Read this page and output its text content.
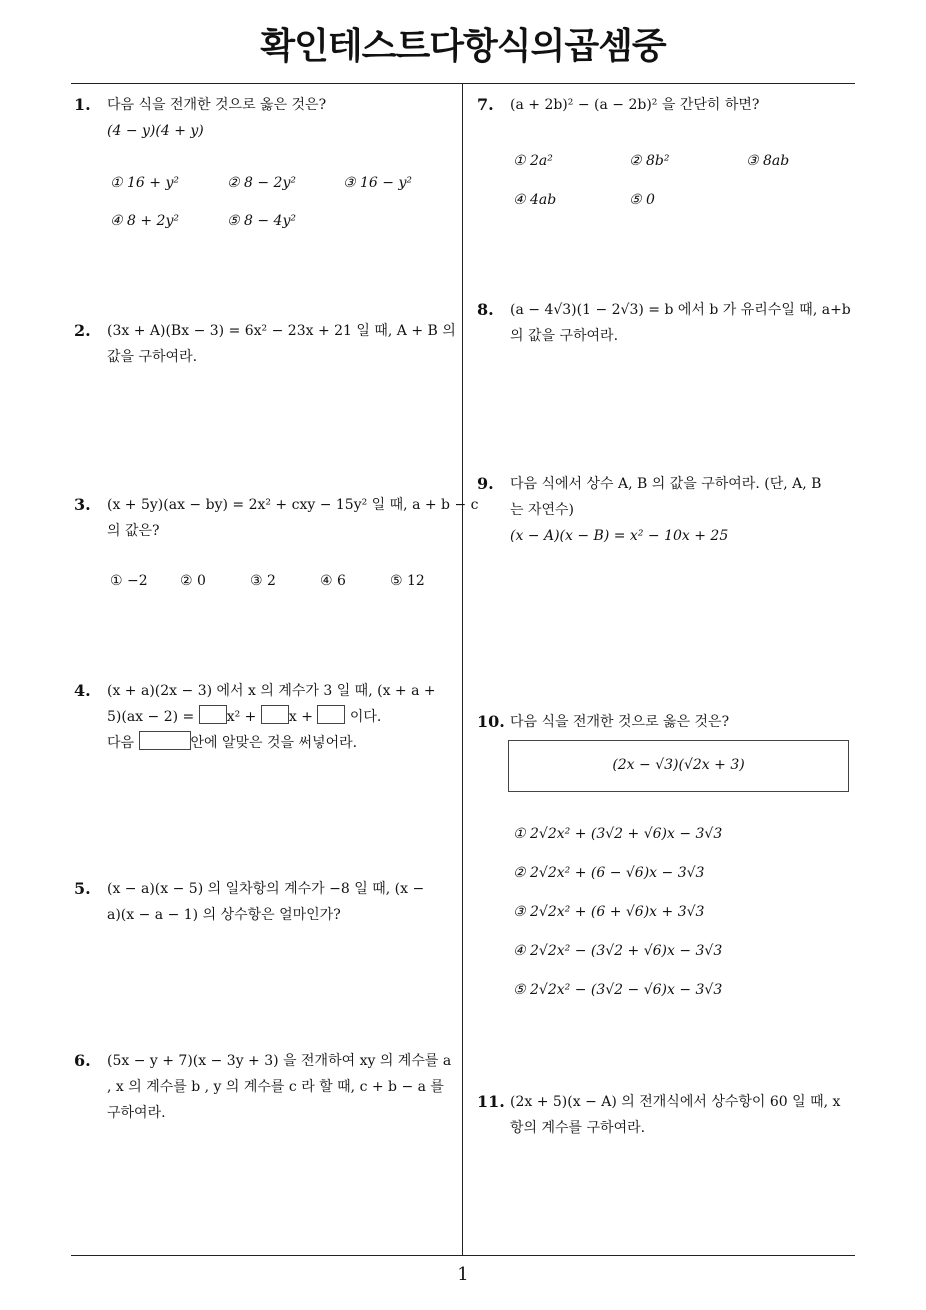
확인테스트다항식의곱셈중
1
1. 다음 식을 전개한 것으로 옳은 것은?
(4 − y)(4 + y)
① 16 + y²	② 8 − 2y²	③ 16 − y²
④ 8 + 2y²	⑤ 8 − 4y²
2. (3x + A)(Bx − 3) = 6x² − 23x + 21 일 때, A + B 의
값을 구하여라.
3. (x + 5y)(ax − by) = 2x² + cxy − 15y² 일 때, a + b − c
의 값은?
① −2 ② 0	③ 2	④ 6	⑤ 12
4. (x + a)(2x − 3) 에서 x 의 계수가 3 일 때, (x + a +
5)(ax − 2) = x² + x +	이다.
다음	안에 알맞은 것을 써넣어라.
5. (x − a)(x − 5) 의 일차항의 계수가 −8 일 때, (x −
a)(x − a − 1) 의 상수항은 얼마인가?
6. (5x − y + 7)(x − 3y + 3) 을 전개하여 xy 의 계수를 a
, x 의 계수를 b , y 의 계수를 c 라 할 때, c + b − a 를
구하여라.
7. (a + 2b)² − (a − 2b)² 을 간단히 하면?
① 2a²	② 8b²	③ 8ab
④ 4ab	⑤ 0
8. (a − 4√3)(1 − 2√3) = b 에서 b 가 유리수일 때, a+b
의 값을 구하여라.
9. 다음 식에서 상수 A, B 의 값을 구하여라. (단, A, B
는 자연수)
(x − A)(x − B) = x² − 10x + 25
10. 다음 식을 전개한 것으로 옳은 것은?
(2x − √3)(√2x + 3)
① 2√2x² + (3√2 + √6)x − 3√3
② 2√2x² + (6 − √6)x − 3√3
③ 2√2x² + (6 + √6)x + 3√3
④ 2√2x² − (3√2 + √6)x − 3√3
⑤ 2√2x² − (3√2 − √6)x − 3√3
11. (2x + 5)(x − A) 의 전개식에서 상수항이 60 일 때, x
항의 계수를 구하여라.
